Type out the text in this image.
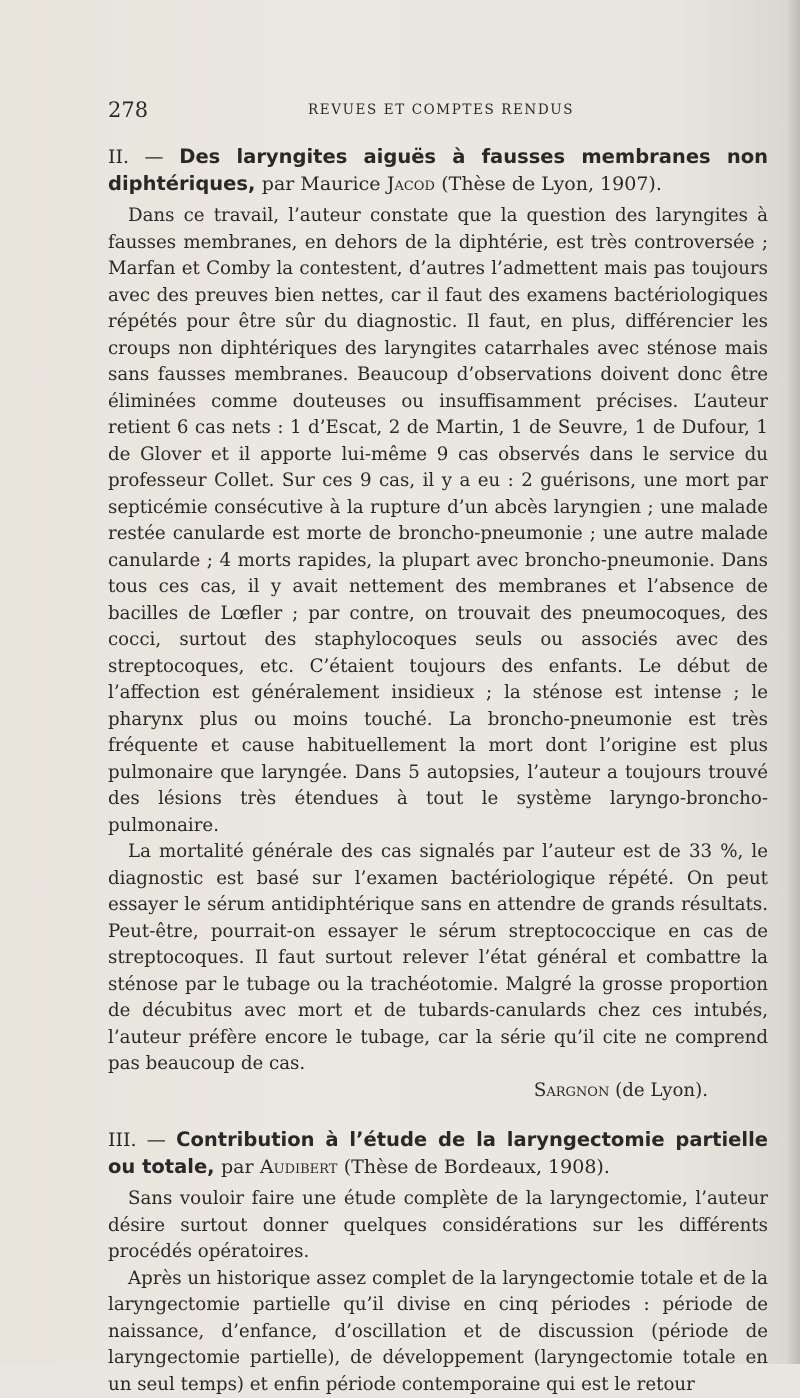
278	REVUES ET COMPTES RENDUS
II. — Des laryngites aiguës à fausses membranes non diphtériques, par Maurice Jacod (Thèse de Lyon, 1907).

Dans ce travail, l’auteur constate que la question des laryngites à fausses membranes, en dehors de la diphtérie, est très controversée ; Marfan et Comby la contestent, d’autres l’admettent mais pas toujours avec des preuves bien nettes, car il faut des examens bactériologiques répétés pour être sûr du diagnostic. Il faut, en plus, différencier les croups non diphtériques des laryngites catarrhales avec sténose mais sans fausses membranes. Beaucoup d’observations doivent donc être éliminées comme douteuses ou insuffisamment précises. L’auteur retient 6 cas nets : 1 d’Escat, 2 de Martin, 1 de Seuvre, 1 de Dufour, 1 de Glover et il apporte lui-même 9 cas observés dans le service du professeur Collet. Sur ces 9 cas, il y a eu : 2 guérisons, une mort par septicémie consécutive à la rupture d’un abcès laryngien ; une malade restée canularde est morte de broncho-pneumonie ; une autre malade canularde ; 4 morts rapides, la plupart avec broncho-pneumonie. Dans tous ces cas, il y avait nettement des membranes et l’absence de bacilles de Lœfler ; par contre, on trouvait des pneumocoques, des cocci, surtout des staphylocoques seuls ou associés avec des streptocoques, etc. C’étaient toujours des enfants. Le début de l’affection est généralement insidieux ; la sténose est intense ; le pharynx plus ou moins touché. La broncho-pneumonie est très fréquente et cause habituellement la mort dont l’origine est plus pulmonaire que laryngée. Dans 5 autopsies, l’auteur a toujours trouvé des lésions très étendues à tout le système laryngo-broncho-pulmonaire.

La mortalité générale des cas signalés par l’auteur est de 33 %, le diagnostic est basé sur l’examen bactériologique répété. On peut essayer le sérum antidiphtérique sans en attendre de grands résultats. Peut-être, pourrait-on essayer le sérum streptococcique en cas de streptocoques. Il faut surtout relever l’état général et combattre la sténose par le tubage ou la trachéotomie. Malgré la grosse proportion de décubitus avec mort et de tubards-canulards chez ces intubés, l’auteur préfère encore le tubage, car la série qu’il cite ne comprend pas beaucoup de cas.

Sargnon (de Lyon).

III. — Contribution à l’étude de la laryngectomie partielle ou totale, par Audibert (Thèse de Bordeaux, 1908).

Sans vouloir faire une étude complète de la laryngectomie, l’auteur désire surtout donner quelques considérations sur les différents procédés opératoires.

Après un historique assez complet de la laryngectomie totale et de la laryngectomie partielle qu’il divise en cinq périodes : période de naissance, d’enfance, d’oscillation et de discussion (période de laryngectomie partielle), de développement (laryngectomie totale en un seul temps) et enfin période contemporaine qui est le retour
